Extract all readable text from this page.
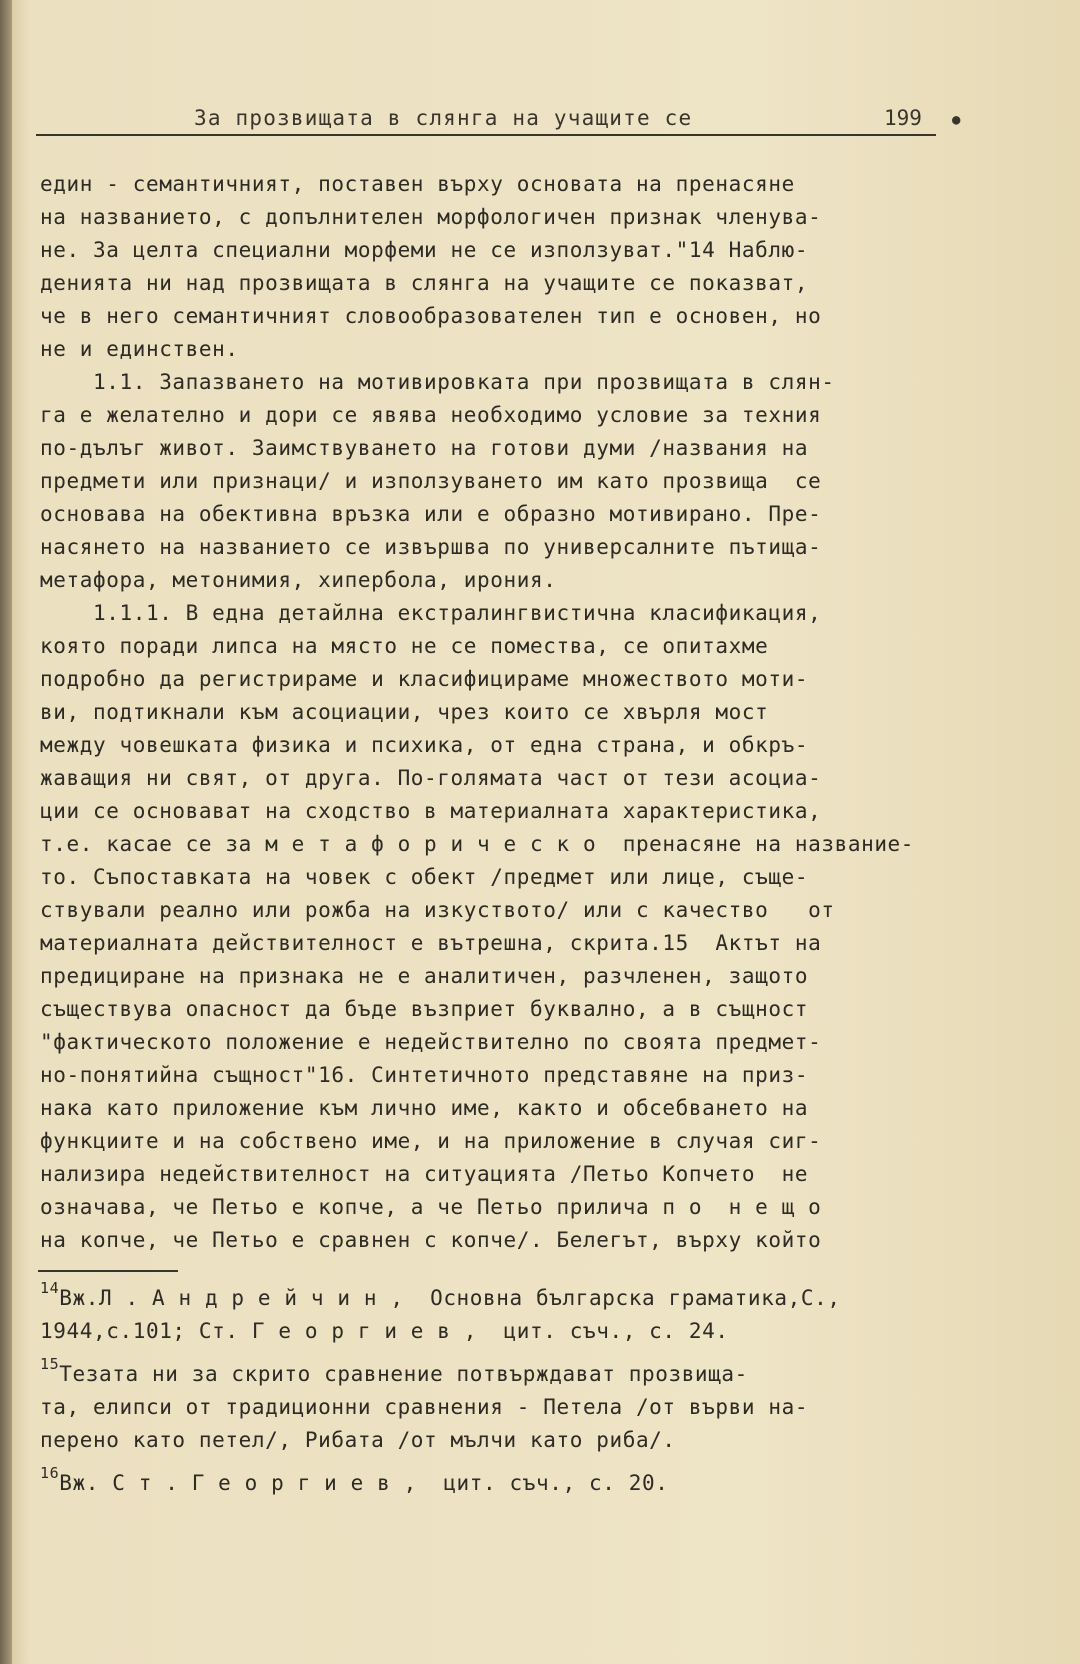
За прозвищата в слянга на учащите се	199 ●
един - семантичният, поставен върху основата на пренасяне
на названието, с допълнителен морфологичен признак членува-
не. За целта специални морфеми не се използуват."14 Наблю-
денията ни над прозвищата в слянга на учащите се показват,
че в него семантичният словообразователен тип е основен, но
не и единствен.
1.1. Запазването на мотивировката при прозвищата в слян-
га е желателно и дори се явява необходимо условие за техния
по-дълъг живот. Заимствуването на готови думи /названия на
предмети или признаци/ и използуването им като прозвища  се
основава на обективна връзка или е образно мотивирано. Пре-
насянето на названието се извършва по универсалните пътища-
метафора, метонимия, хипербола, ирония.
1.1.1. В една детайлна екстралингвистична класификация,
която поради липса на място не се помества, се опитахме
подробно да регистрираме и класифицираме множеството моти-
ви, подтикнали към асоциации, чрез които се хвърля мост
между човешката физика и психика, от една страна, и обкръ-
жаващия ни свят, от друга. По-голямата част от тези асоциа-
ции се основават на сходство в материалната характеристика,
т.е. касае се за м е т а ф о р и ч е с к о  пренасяне на название-
то. Съпоставката на човек с обект /предмет или лице, съще-
ствували реално или рожба на изкуството/ или с качество   от
материалната действителност е вътрешна, скрита.15  Актът на
предициране на признака не е аналитичен, разчленен, защото
съществува опасност да бъде възприет буквално, а в същност
"фактическото положение е недействително по своята предмет-
но-понятийна същност"16. Синтетичното представяне на приз-
нака като приложение към лично име, както и обсебването на
функциите и на собствено име, и на приложение в случая сиг-
нализира недействителност на ситуацията /Петьо Копчето  не
означава, че Петьо е копче, а че Петьо прилича п о  н е щ о
на копче, че Петьо е сравнен с копче/. Белегът, върху който
$^{14}$Вж.Л . А н д р е й ч и н ,  Основна българска граматика,С.,
1944,с.101; Ст. Г е о р г и е в ,  цит. съч., с. 24.
$^{15}$Тезата ни за скрито сравнение потвърждават прозвища-
та, елипси от традиционни сравнения - Петела /от върви на-
перено като петел/, Рибата /от мълчи като риба/.
$^{16}$Вж. С т . Г е о р г и е в ,  цит. съч., с. 20.
